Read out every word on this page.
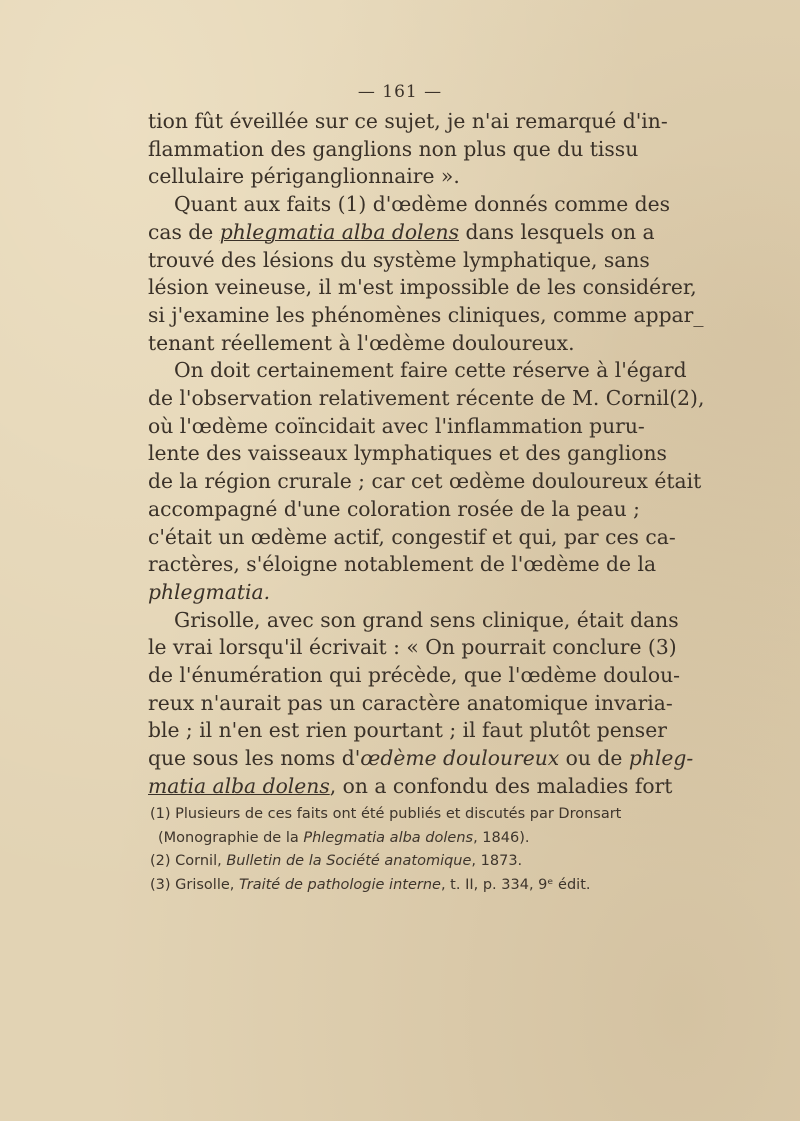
— 161 —
tion fût éveillée sur ce sujet, je n'ai remarqué d'in-
flammation des ganglions non plus que du tissu
cellulaire périganglionnaire ».
Quant aux faits (1) d'œdème donnés comme des
cas de phlegmatia alba dolens dans lesquels on a
trouvé des lésions du système lymphatique, sans
lésion veineuse, il m'est impossible de les considérer,
si j'examine les phénomènes cliniques, comme appar_
tenant réellement à l'œdème douloureux.
On doit certainement faire cette réserve à l'égard
de l'observation relativement récente de M. Cornil(2),
où l'œdème coïncidait avec l'inflammation puru-
lente des vaisseaux lymphatiques et des ganglions
de la région crurale ; car cet œdème douloureux était
accompagné d'une coloration rosée de la peau ;
c'était un œdème actif, congestif et qui, par ces ca-
ractères, s'éloigne notablement de l'œdème de la
phlegmatia.
Grisolle, avec son grand sens clinique, était dans
le vrai lorsqu'il écrivait : « On pourrait conclure (3)
de l'énumération qui précède, que l'œdème doulou-
reux n'aurait pas un caractère anatomique invaria-
ble ; il n'en est rien pourtant ; il faut plutôt penser
que sous les noms d'œdème douloureux ou de phleg-
matia alba dolens, on a confondu des maladies fort
(1) Plusieurs de ces faits ont été publiés et discutés par Dronsart
(Monographie de la Phlegmatia alba dolens, 1846).
(2) Cornil, Bulletin de la Société anatomique, 1873.
(3) Grisolle, Traité de pathologie interne, t. II, p. 334, 9ᵉ édit.
